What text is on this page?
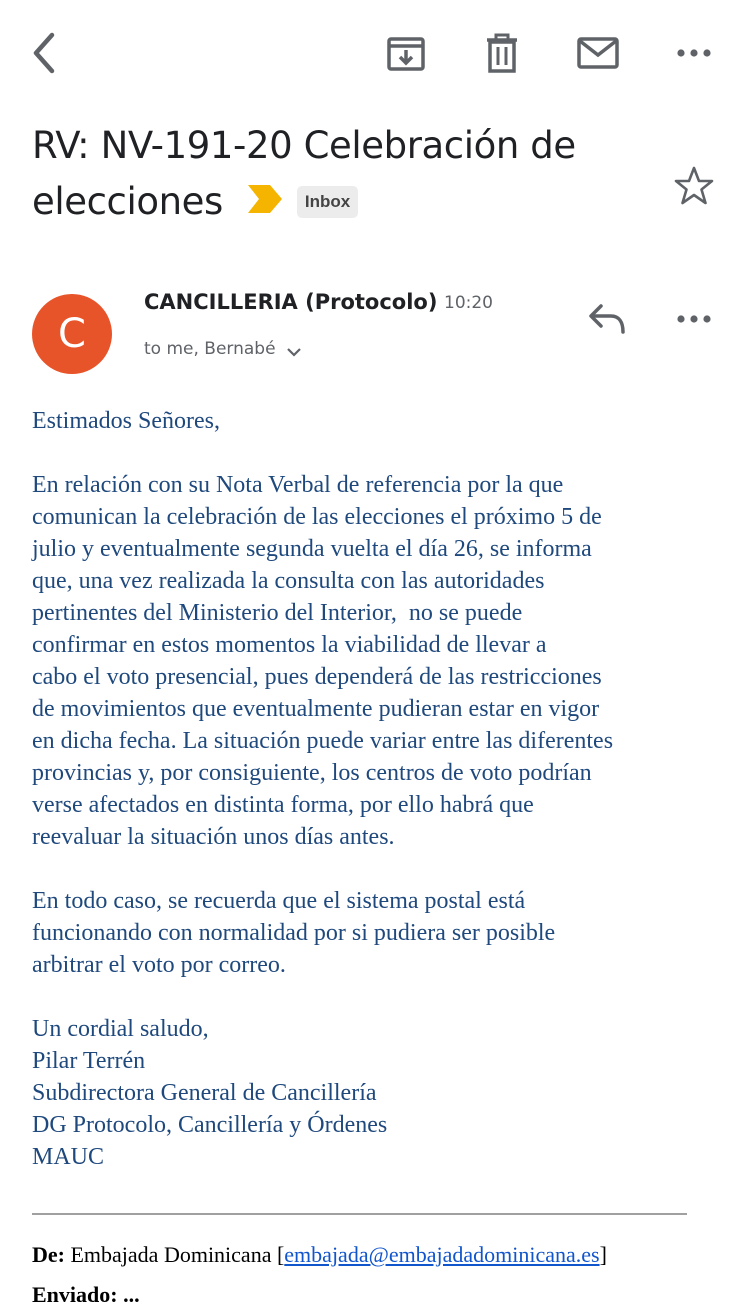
RV: NV-191-20 Celebración de
elecciones	Inbox
C
CANCILLERIA (Protocolo) 10:20
to me, Bernabé

Estimados Señores,

En relación con su Nota Verbal de referencia por la que
comunican la celebración de las elecciones el próximo 5 de
julio y eventualmente segunda vuelta el día 26, se informa
que, una vez realizada la consulta con las autoridades
pertinentes del Ministerio del Interior,  no se puede
confirmar en estos momentos la viabilidad de llevar a
cabo el voto presencial, pues dependerá de las restricciones
de movimientos que eventualmente pudieran estar en vigor
en dicha fecha. La situación puede variar entre las diferentes
provincias y, por consiguiente, los centros de voto podrían
verse afectados en distinta forma, por ello habrá que
reevaluar la situación unos días antes.

En todo caso, se recuerda que el sistema postal está
funcionando con normalidad por si pudiera ser posible
arbitrar el voto por correo.

Un cordial saludo,
Pilar Terrén
Subdirectora General de Cancillería
DG Protocolo, Cancillería y Órdenes
MAUC

De: Embajada Dominicana [embajada@embajadadominicana.es]
Enviado: ...
